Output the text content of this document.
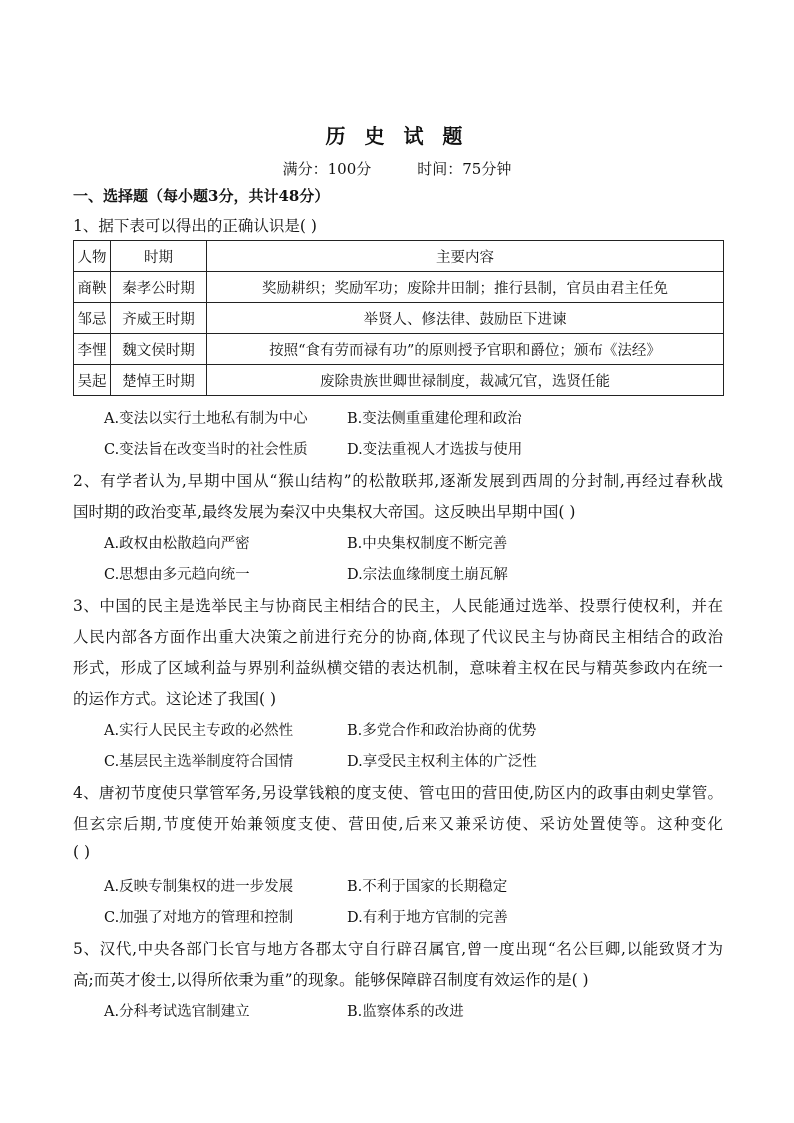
历 史 试 题
满分：100分	时间：75分钟
一、选择题（每小题3分，共计48分）
1、据下表可以得出的正确认识是( )
人物	时期	主要内容
商鞅	秦孝公时期	奖励耕织；奖励军功；废除井田制；推行县制，官员由君主任免
邹忌	齐威王时期	举贤人、修法律、鼓励臣下进谏
李悝	魏文侯时期	按照“食有劳而禄有功”的原则授予官职和爵位；颁布《法经》
吴起	楚悼王时期	废除贵族世卿世禄制度，裁减冗官，选贤任能
A.变法以实行土地私有制为中心	B.变法侧重重建伦理和政治
C.变法旨在改变当时的社会性质	D.变法重视人才选拔与使用
2、有学者认为,早期中国从“猴山结构”的松散联邦,逐渐发展到西周的分封制,再经过春秋战
国时期的政治变革,最终发展为秦汉中央集权大帝国。这反映出早期中国( )
A.政权由松散趋向严密	B.中央集权制度不断完善
C.思想由多元趋向统一	D.宗法血缘制度土崩瓦解
3、中国的民主是选举民主与协商民主相结合的民主，人民能通过选举、投票行使权利，并在
人民内部各方面作出重大决策之前进行充分的协商,体现了代议民主与协商民主相结合的政治
形式，形成了区域利益与界别利益纵横交错的表达机制，意味着主权在民与精英参政内在统一
的运作方式。这论述了我国( )
A.实行人民民主专政的必然性	B.多党合作和政治协商的优势
C.基层民主选举制度符合国情	D.享受民主权利主体的广泛性
4、唐初节度使只掌管军务,另设掌钱粮的度支使、管屯田的营田使,防区内的政事由刺史掌管。
但玄宗后期,节度使开始兼领度支使、营田使,后来又兼采访使、采访处置使等。这种变化
( )
A.反映专制集权的进一步发展	B.不利于国家的长期稳定
C.加强了对地方的管理和控制	D.有利于地方官制的完善
5、汉代,中央各部门长官与地方各郡太守自行辟召属官,曾一度出现“名公巨卿,以能致贤才为
高;而英才俊士,以得所依秉为重”的现象。能够保障辟召制度有效运作的是( )
A.分科考试选官制建立	B.监察体系的改进
